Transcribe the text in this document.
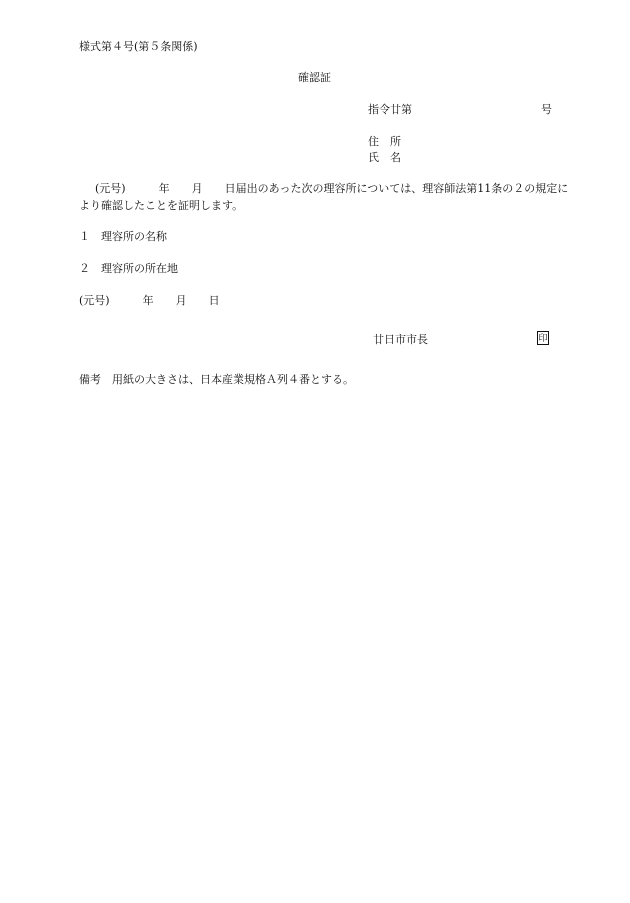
様式第４号(第５条関係)
確認証
指令廿第	号
住　所
氏　名
(元号)　　　年　　月　　日届出のあった次の理容所については、理容師法第11条の２の規定に
より確認したことを証明します。
１　理容所の名称
２　理容所の所在地
(元号)　　　年　　月　　日
廿日市市長	印
備考　用紙の大きさは、日本産業規格Ａ列４番とする。
